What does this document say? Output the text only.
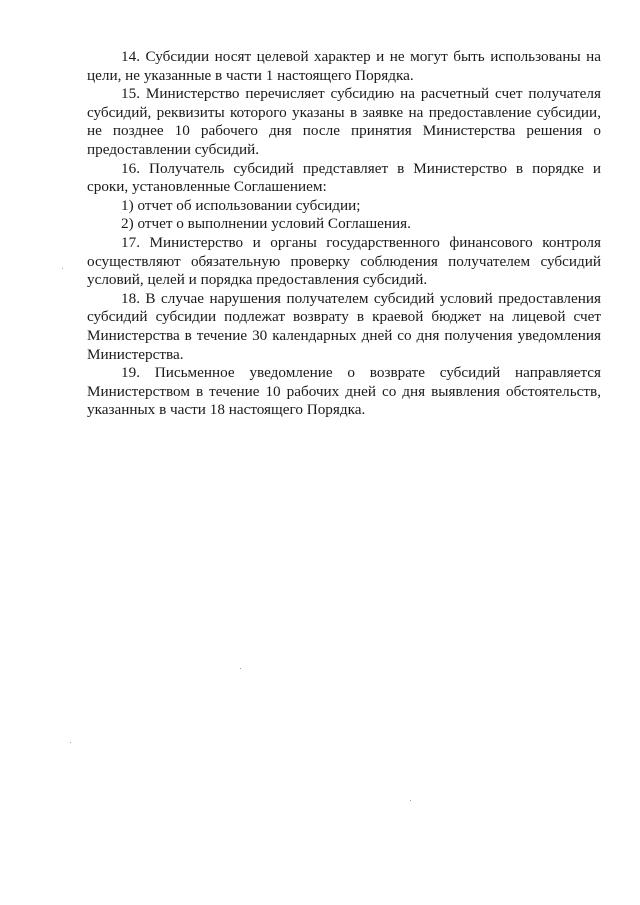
14. Субсидии носят целевой характер и не могут быть использованы на цели, не указанные в части 1 настоящего Порядка.

15. Министерство перечисляет субсидию на расчетный счет получателя субсидий, реквизиты которого указаны в заявке на предоставление субсидии, не позднее 10 рабочего дня после принятия Министерства решения о предоставлении субсидий.

16. Получатель субсидий представляет в Министерство в порядке и сроки, установленные Соглашением:

1) отчет об использовании субсидии;

2) отчет о выполнении условий Соглашения.

17. Министерство и органы государственного финансового контроля осуществляют обязательную проверку соблюдения получателем субсидий условий, целей и порядка предоставления субсидий.

18. В случае нарушения получателем субсидий условий предоставления субсидий субсидии подлежат возврату в краевой бюджет на лицевой счет Министерства в течение 30 календарных дней со дня получения уведомления Министерства.

19. Письменное уведомление о возврате субсидий направляется Министерством в течение 10 рабочих дней со дня выявления обстоятельств, указанных в части 18 настоящего Порядка.
